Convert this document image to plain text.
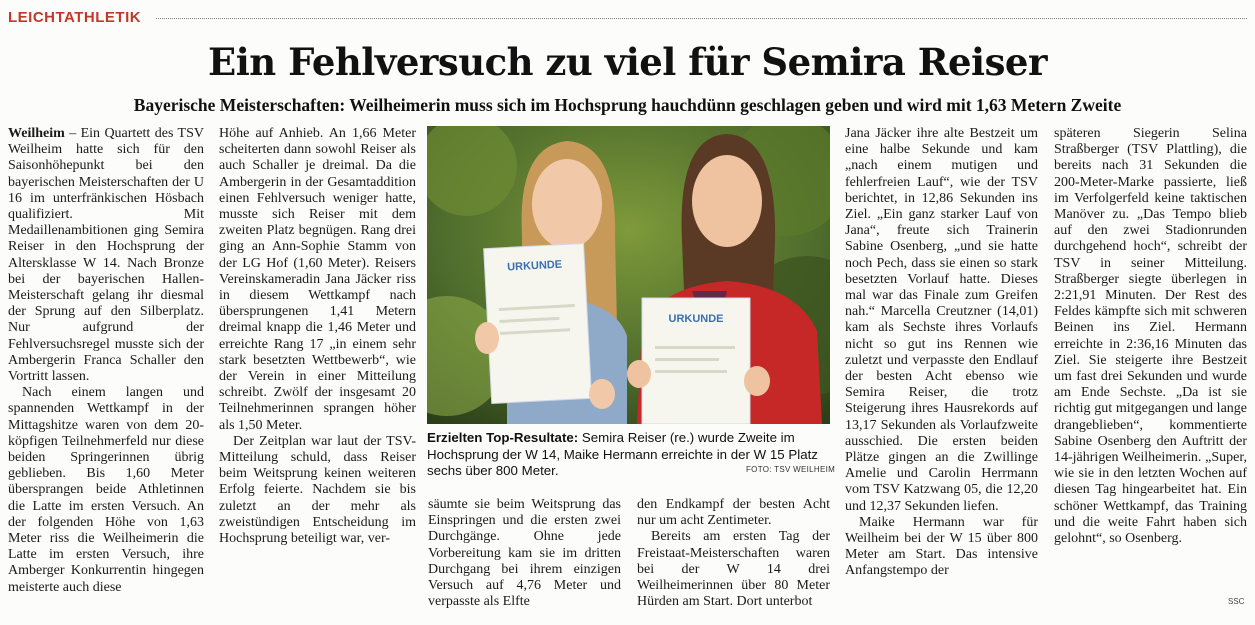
LEICHTATHLETIK
Ein Fehlversuch zu viel für Semira Reiser
Bayerische Meisterschaften: Weilheimerin muss sich im Hochsprung hauchdünn geschlagen geben und wird mit 1,63 Metern Zweite

Weilheim – Ein Quartett des TSV Weilheim hatte sich für den Saisonhöhepunkt bei den bayerischen Meisterschaften der U 16 im unterfränkischen Hösbach qualifiziert. Mit Medaillenambitionen ging Semira Reiser in den Hochsprung der Altersklasse W 14. Nach Bronze bei der bayerischen Hallen-Meisterschaft gelang ihr diesmal der Sprung auf den Silberplatz. Nur aufgrund der Fehlversuchsregel musste sich der Ambergerin Franca Schaller den Vortritt lassen.

Nach einem langen und spannenden Wettkampf in der Mittagshitze waren von dem 20-köpfigen Teilnehmerfeld nur diese beiden Springerinnen übrig geblieben. Bis 1,60 Meter übersprangen beide Athletinnen die Latte im ersten Versuch. An der folgenden Höhe von 1,63 Meter riss die Weilheimerin die Latte im ersten Versuch, ihre Amberger Konkurrentin hingegen meisterte auch diese

Höhe auf Anhieb. An 1,66 Meter scheiterten dann sowohl Reiser als auch Schaller je dreimal. Da die Ambergerin in der Gesamtaddition einen Fehlversuch weniger hatte, musste sich Reiser mit dem zweiten Platz begnügen. Rang drei ging an Ann-Sophie Stamm von der LG Hof (1,60 Meter). Reisers Vereinskameradin Jana Jäcker riss in diesem Wettkampf nach übersprungenen 1,41 Metern dreimal knapp die 1,46 Meter und erreichte Rang 17 „in einem sehr stark besetzten Wettbewerb“, wie der Verein in einer Mitteilung schreibt. Zwölf der insgesamt 20 Teilnehmerinnen sprangen höher als 1,50 Meter.

Der Zeitplan war laut der TSV-Mitteilung schuld, dass Reiser beim Weitsprung keinen weiteren Erfolg feierte. Nachdem sie bis zuletzt an der mehr als zweistündigen Entscheidung im Hochsprung beteiligt war, ver-

URKUNDE
URKUNDE
Erzielten Top-Resultate: Semira Reiser (re.) wurde Zweite im Hochsprung der W 14, Maike Hermann erreichte in der W 15 Platz sechs über 800 Meter.	FOTO: TSV WEILHEIM

säumte sie beim Weitsprung das Einspringen und die ersten zwei Durchgänge. Ohne jede Vorbereitung kam sie im dritten Durchgang bei ihrem einzigen Versuch auf 4,76 Meter und verpasste als Elfte

den Endkampf der besten Acht nur um acht Zentimeter.

Bereits am ersten Tag der Freistaat-Meisterschaften waren bei der W 14 drei Weilheimerinnen über 80 Meter Hürden am Start. Dort unterbot

Jana Jäcker ihre alte Bestzeit um eine halbe Sekunde und kam „nach einem mutigen und fehlerfreien Lauf“, wie der TSV berichtet, in 12,86 Sekunden ins Ziel. „Ein ganz starker Lauf von Jana“, freute sich Trainerin Sabine Osenberg, „und sie hatte noch Pech, dass sie einen so stark besetzten Vorlauf hatte. Dieses mal war das Finale zum Greifen nah.“ Marcella Creutzner (14,01) kam als Sechste ihres Vorlaufs nicht so gut ins Rennen wie zuletzt und verpasste den Endlauf der besten Acht ebenso wie Semira Reiser, die trotz Steigerung ihres Hausrekords auf 13,17 Sekunden als Vorlaufzweite ausschied. Die ersten beiden Plätze gingen an die Zwillinge Amelie und Carolin Herrmann vom TSV Katzwang 05, die 12,20 und 12,37 Sekunden liefen.

Maike Hermann war für Weilheim bei der W 15 über 800 Meter am Start. Das intensive Anfangstempo der

späteren Siegerin Selina Straßberger (TSV Plattling), die bereits nach 31 Sekunden die 200-Meter-Marke passierte, ließ im Verfolgerfeld keine taktischen Manöver zu. „Das Tempo blieb auf den zwei Stadionrunden durchgehend hoch“, schreibt der TSV in seiner Mitteilung. Straßberger siegte überlegen in 2:21,91 Minuten. Der Rest des Feldes kämpfte sich mit schweren Beinen ins Ziel. Hermann erreichte in 2:36,16 Minuten das Ziel. Sie steigerte ihre Bestzeit um fast drei Sekunden und wurde am Ende Sechste. „Da ist sie richtig gut mitgegangen und lange drangeblieben“, kommentierte Sabine Osenberg den Auftritt der 14-jährigen Weilheimerin. „Super, wie sie in den letzten Wochen auf diesen Tag hingearbeitet hat. Ein schöner Wettkampf, das Training und die weite Fahrt haben sich gelohnt“, so Osenberg.

SSC
